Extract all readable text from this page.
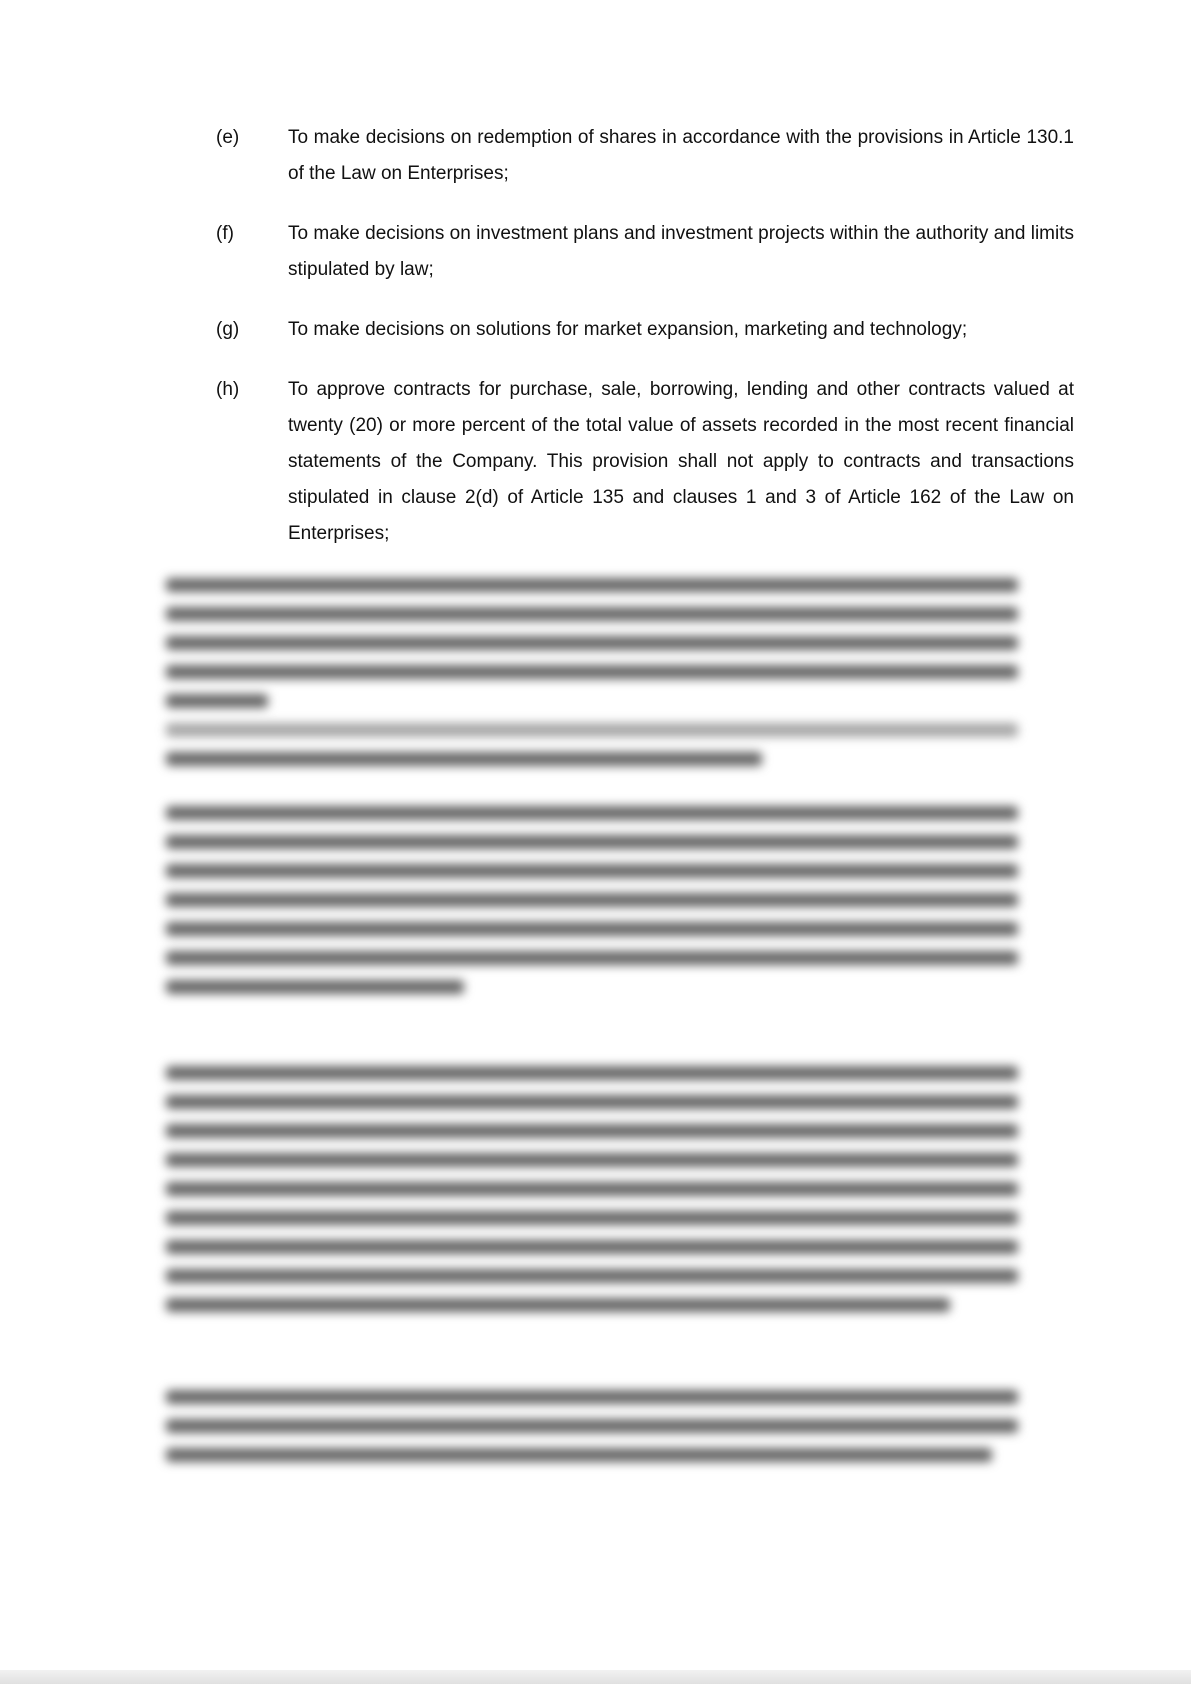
(e)	To make decisions on redemption of shares in accordance with the provisions in Article 130.1 of the Law on Enterprises;
(f)	To make decisions on investment plans and investment projects within the authority and limits stipulated by law;
(g)	To make decisions on solutions for market expansion, marketing and technology;
(h)	To approve contracts for purchase, sale, borrowing, lending and other contracts valued at twenty (20) or more percent of the total value of assets recorded in the most recent financial statements of the Company. This provision shall not apply to contracts and transactions stipulated in clause 2(d) of Article 135 and clauses 1 and 3 of Article 162 of the Law on Enterprises;
